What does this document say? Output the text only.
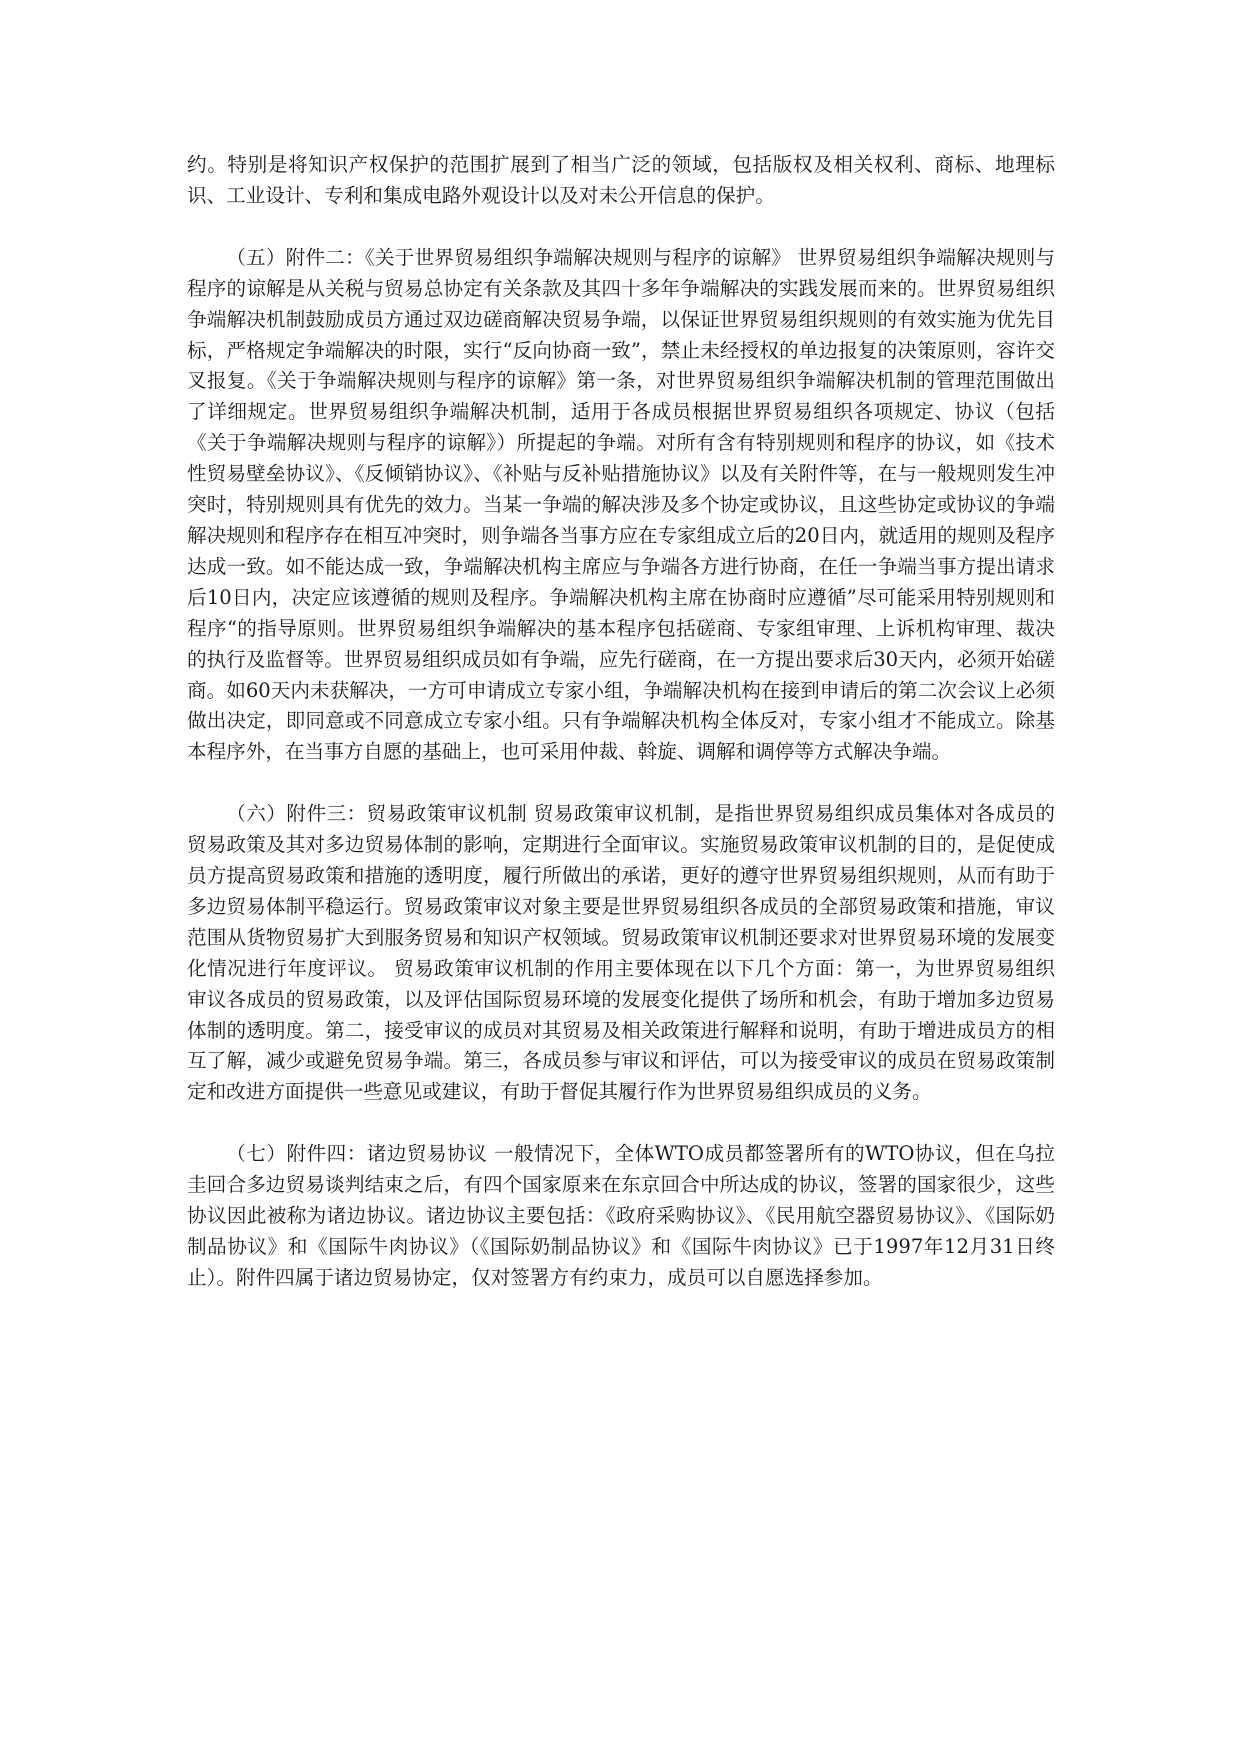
约。特别是将知识产权保护的范围扩展到了相当广泛的领域，包括版权及相关权利、商标、地理标识、工业设计、专利和集成电路外观设计以及对未公开信息的保护。

（五）附件二：《关于世界贸易组织争端解决规则与程序的谅解》 世界贸易组织争端解决规则与程序的谅解是从关税与贸易总协定有关条款及其四十多年争端解决的实践发展而来的。世界贸易组织争端解决机制鼓励成员方通过双边磋商解决贸易争端，以保证世界贸易组织规则的有效实施为优先目标，严格规定争端解决的时限，实行“反向协商一致”，禁止未经授权的单边报复的决策原则，容许交叉报复。《关于争端解决规则与程序的谅解》第一条，对世界贸易组织争端解决机制的管理范围做出了详细规定。世界贸易组织争端解决机制，适用于各成员根据世界贸易组织各项规定、协议（包括《关于争端解决规则与程序的谅解》）所提起的争端。对所有含有特别规则和程序的协议，如《技术性贸易壁垒协议》、《反倾销协议》、《补贴与反补贴措施协议》以及有关附件等，在与一般规则发生冲突时，特别规则具有优先的效力。当某一争端的解决涉及多个协定或协议，且这些协定或协议的争端解决规则和程序存在相互冲突时，则争端各当事方应在专家组成立后的20日内，就适用的规则及程序达成一致。如不能达成一致，争端解决机构主席应与争端各方进行协商，在任一争端当事方提出请求后10日内，决定应该遵循的规则及程序。争端解决机构主席在协商时应遵循”尽可能采用特别规则和程序“的指导原则。世界贸易组织争端解决的基本程序包括磋商、专家组审理、上诉机构审理、裁决的执行及监督等。世界贸易组织成员如有争端，应先行磋商，在一方提出要求后30天内，必须开始磋商。如60天内未获解决，一方可申请成立专家小组，争端解决机构在接到申请后的第二次会议上必须做出决定，即同意或不同意成立专家小组。只有争端解决机构全体反对，专家小组才不能成立。除基本程序外，在当事方自愿的基础上，也可采用仲裁、斡旋、调解和调停等方式解决争端。

（六）附件三：贸易政策审议机制 贸易政策审议机制，是指世界贸易组织成员集体对各成员的贸易政策及其对多边贸易体制的影响，定期进行全面审议。实施贸易政策审议机制的目的，是促使成员方提高贸易政策和措施的透明度，履行所做出的承诺，更好的遵守世界贸易组织规则，从而有助于多边贸易体制平稳运行。贸易政策审议对象主要是世界贸易组织各成员的全部贸易政策和措施，审议范围从货物贸易扩大到服务贸易和知识产权领域。贸易政策审议机制还要求对世界贸易环境的发展变化情况进行年度评议。 贸易政策审议机制的作用主要体现在以下几个方面：第一，为世界贸易组织审议各成员的贸易政策，以及评估国际贸易环境的发展变化提供了场所和机会，有助于增加多边贸易体制的透明度。第二，接受审议的成员对其贸易及相关政策进行解释和说明，有助于增进成员方的相互了解，减少或避免贸易争端。第三，各成员参与审议和评估，可以为接受审议的成员在贸易政策制定和改进方面提供一些意见或建议，有助于督促其履行作为世界贸易组织成员的义务。

（七）附件四：诸边贸易协议 一般情况下，全体WTO成员都签署所有的WTO协议，但在乌拉圭回合多边贸易谈判结束之后，有四个国家原来在东京回合中所达成的协议，签署的国家很少，这些协议因此被称为诸边协议。诸边协议主要包括：《政府采购协议》、《民用航空器贸易协议》、《国际奶制品协议》和《国际牛肉协议》（《国际奶制品协议》和《国际牛肉协议》已于1997年12月31日终止）。附件四属于诸边贸易协定，仅对签署方有约束力，成员可以自愿选择参加。
